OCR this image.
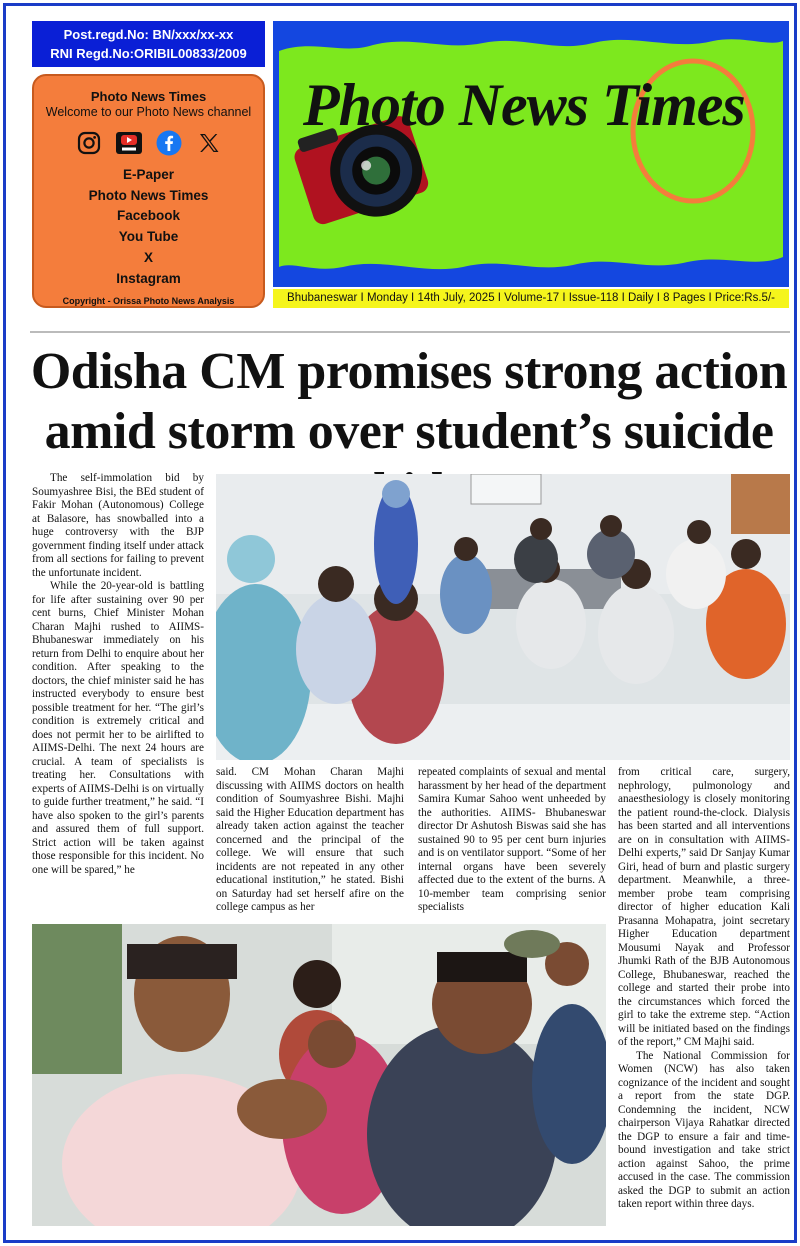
Post.regd.No: BN/xxx/xx-xx
RNI Regd.No:ORIBIL00833/2009
Photo News Times
Welcome to our Photo News channel
E-Paper
Photo News Times
Facebook
You Tube
X
Instagram
Copyright - Orissa Photo News Analysis
Photo News Times
Bhubaneswar I Monday I 14th July, 2025 I Volume-17 I Issue-118 I Daily I 8 Pages I Price:Rs.5/-
Odisha CM promises strong action
amid storm over student’s suicide

The self-immolation bid by Soumyashree Bisi, the BEd student of Fakir Mohan (Autonomous) College at Balasore, has snowballed into a huge controversy with the BJP government finding itself under attack from all sections for failing to prevent the unfortunate incident.

While the 20-year-old is battling for life after sustaining over 90 per cent burns, Chief Minister Mohan Charan Majhi rushed to AIIMS-Bhubaneswar immediately on his return from Delhi to enquire about her condition. After speaking to the doctors, the chief minister said he has instructed everybody to ensure best possible treatment for her. “The girl’s condition is extremely critical and does not permit her to be airlifted to AIIMS-Delhi. The next 24 hours are crucial. A team of specialists is treating her. Consultations with experts of AIIMS-Delhi is on virtually to guide further treatment,” he said. “I have also spoken to the girl’s parents and assured them of full support. Strict action will be taken against those responsible for this incident. No one will be spared,” he

said. CM Mohan Charan Majhi discussing with AIIMS doctors on health condition of Soumyashree Bishi. Majhi said the Higher Education department has already taken action against the teacher concerned and the principal of the college. We will ensure that such incidents are not repeated in any other educational institution,” he stated. Bishi on Saturday had set herself afire on the college campus as her

repeated complaints of sexual and mental harassment by her head of the department Samira Kumar Sahoo went unheeded by the authorities. AIIMS- Bhubaneswar director Dr Ashutosh Biswas said she has sustained 90 to 95 per cent burn injuries and is on ventilator support. “Some of her internal organs have been severely affected due to the extent of the burns. A 10-member team comprising senior specialists

from critical care, surgery, nephrology, pulmonology and anaesthesiology is closely monitoring the patient round-the-clock. Dialysis has been started and all interventions are on in consultation with AIIMS-Delhi experts,” said Dr Sanjay Kumar Giri, head of burn and plastic surgery department. Meanwhile, a three-member probe team comprising director of higher education Kali Prasanna Mohapatra, joint secretary Higher Education department Mousumi Nayak and Professor Jhumki Rath of the BJB Autonomous College, Bhubaneswar, reached the college and started their probe into the circumstances which forced the girl to take the extreme step. “Action will be initiated based on the findings of the report,” CM Majhi said.

The National Commission for Women (NCW) has also taken cognizance of the incident and sought a report from the state DGP. Condemning the incident, NCW chairperson Vijaya Rahatkar directed the DGP to ensure a fair and time-bound investigation and take strict action against Sahoo, the prime accused in the case. The commission asked the DGP to submit an action taken report within three days.
